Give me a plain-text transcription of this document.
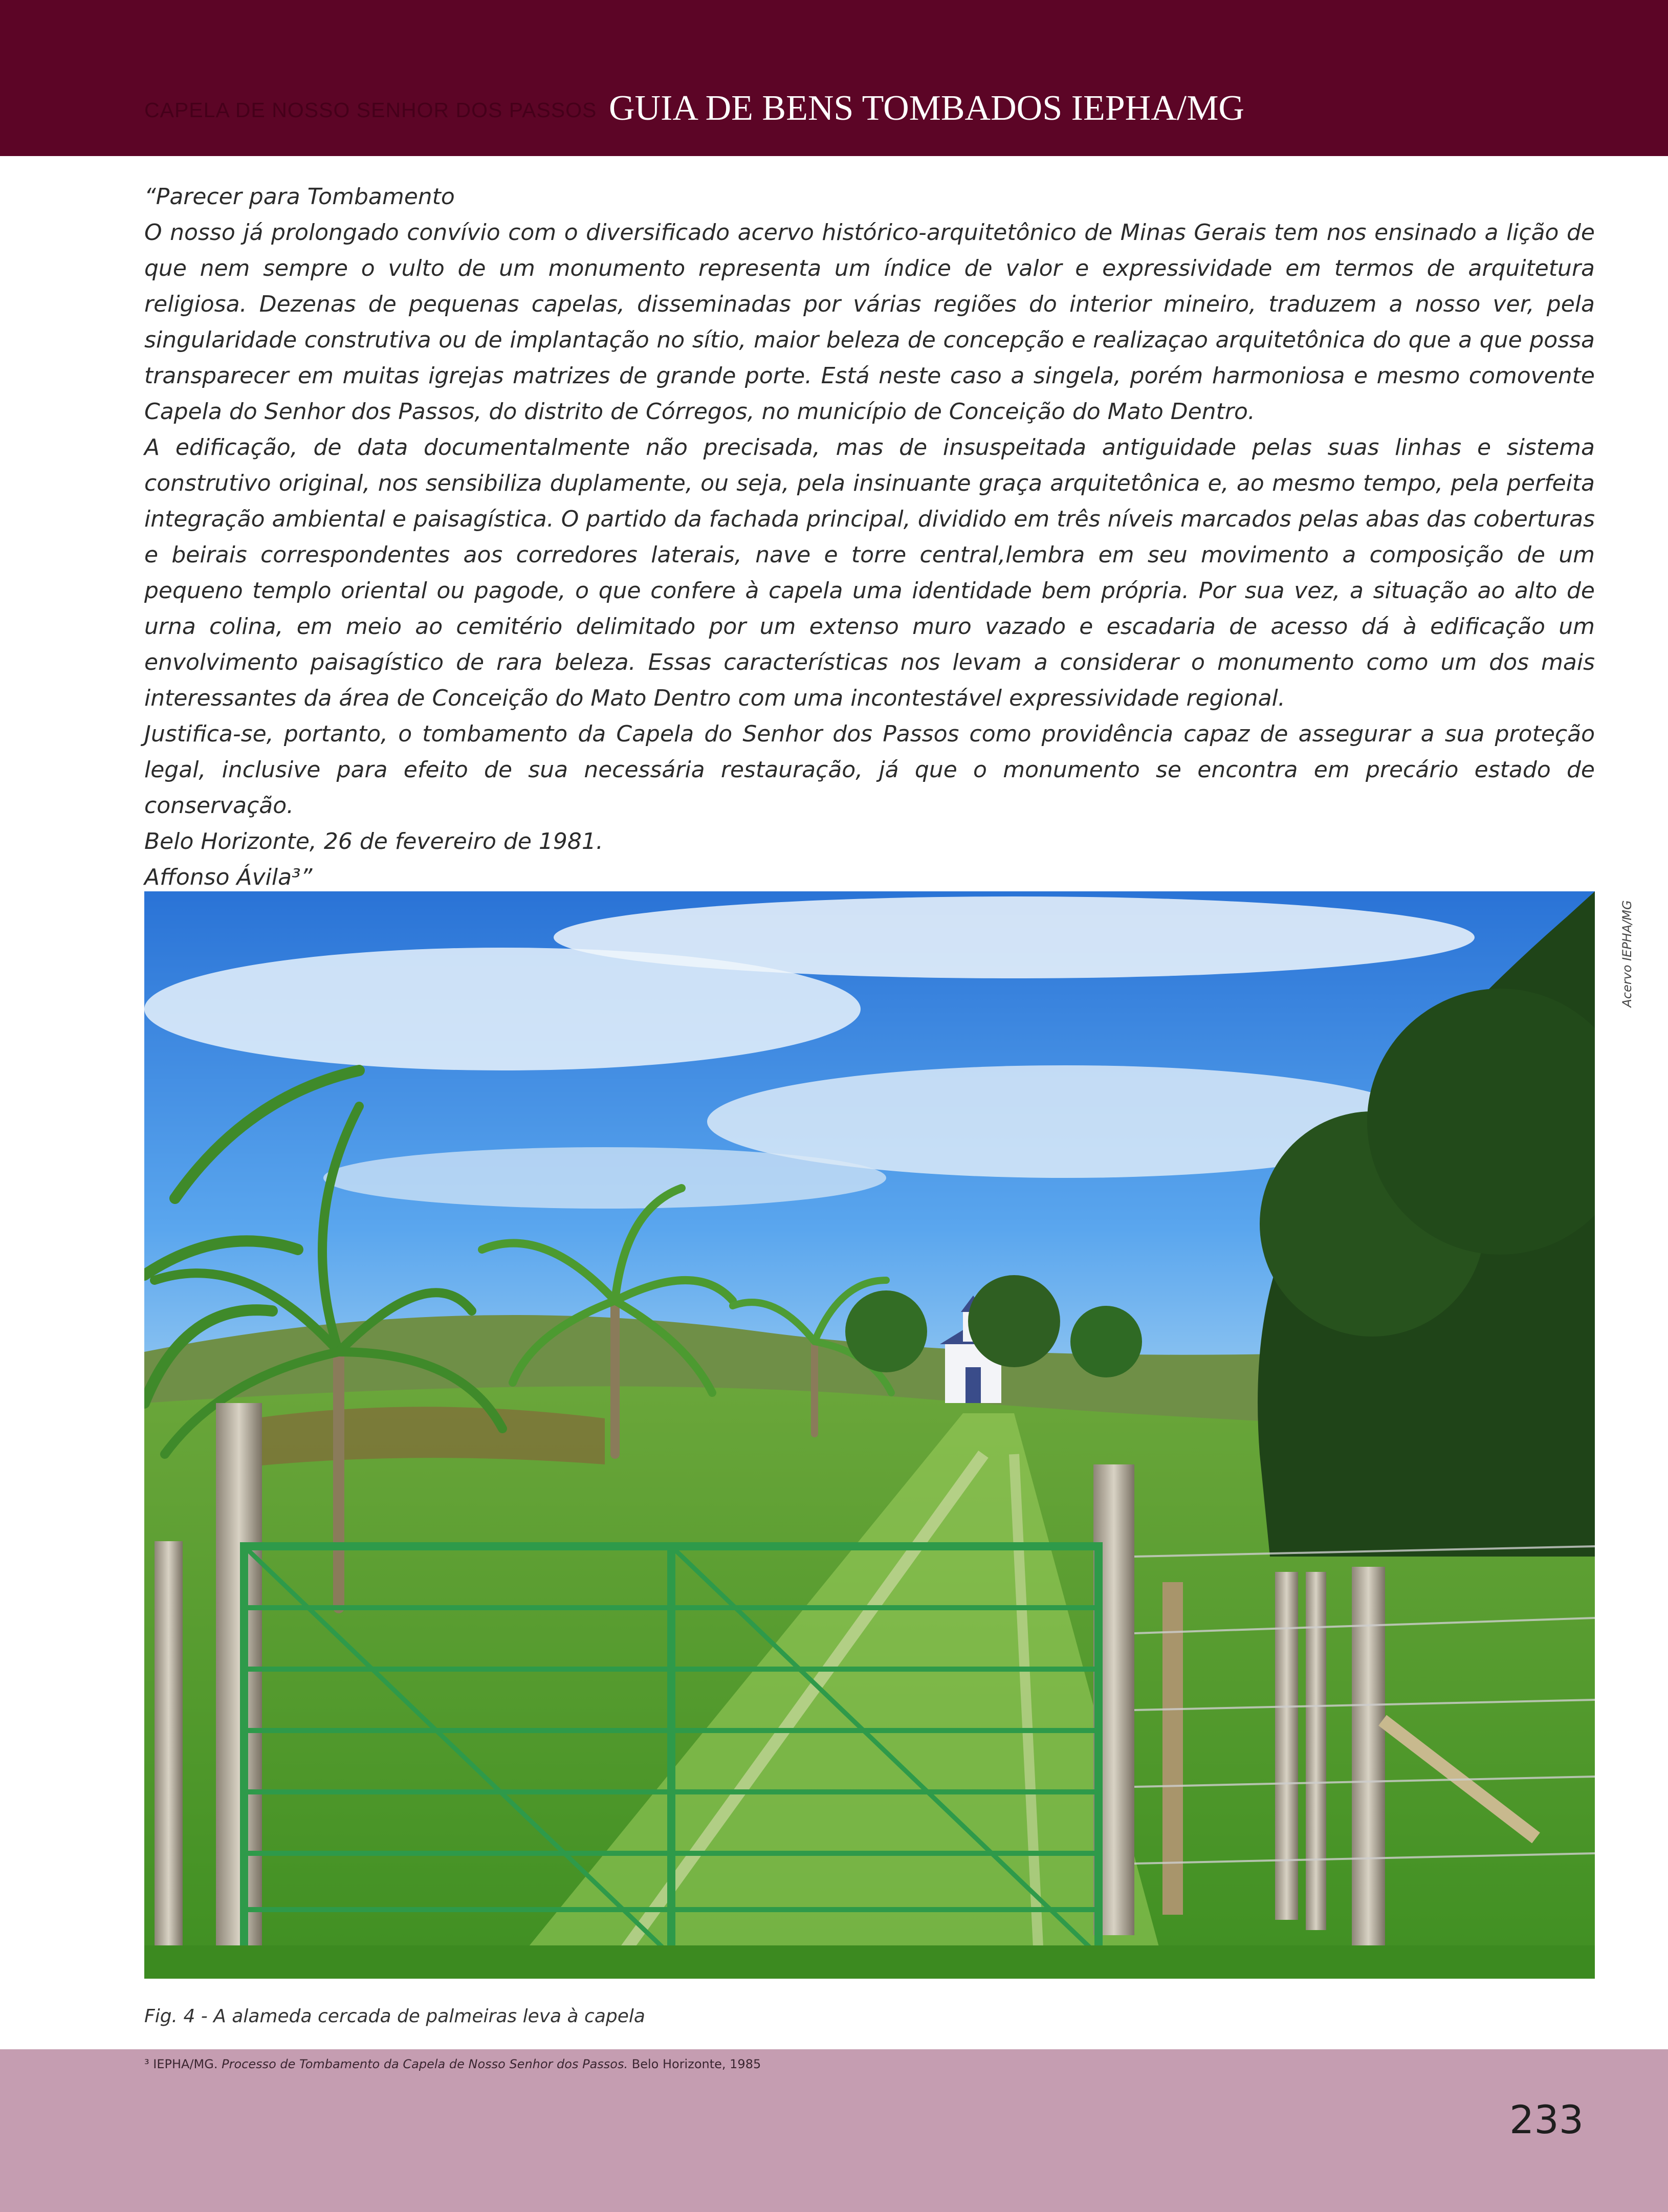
CAPELA DE NOSSO SENHOR DOS PASSOS GUIA DE BENS TOMBADOS IEPHA/MG

“Parecer para Tombamento

O nosso já prolongado convívio com o diversificado acervo histórico-arquitetônico de Minas Gerais tem nos ensinado a lição de que nem sempre o vulto de um monumento representa um índice de valor e expressividade em termos de arquitetura religiosa. Dezenas de pequenas capelas, disseminadas por várias regiões do interior mineiro, traduzem a nosso ver, pela singularidade construtiva ou de implantação no sítio, maior beleza de concepção e realizaçao arquitetônica do que a que possa transparecer em muitas igrejas matrizes de grande porte. Está neste caso a singela, porém harmoniosa e mesmo comovente Capela do Senhor dos Passos, do distrito de Córregos, no município de Conceição do Mato Dentro.

A edificação, de data documentalmente não precisada, mas de insuspeitada antiguidade pelas suas linhas e sistema construtivo original, nos sensibiliza duplamente, ou seja, pela insinuante graça arquitetônica e, ao mesmo tempo, pela perfeita integração ambiental e paisagística. O partido da fachada principal, dividido em três níveis marcados pelas abas das coberturas e beirais correspondentes aos corredores laterais, nave e torre central,lembra em seu movimento a composição de um pequeno templo oriental ou pagode, o que confere à capela uma identidade bem própria. Por sua vez, a situação ao alto de urna colina, em meio ao cemitério delimitado por um extenso muro vazado e escadaria de acesso dá à edificação um envolvimento paisagístico de rara beleza. Essas características nos levam a considerar o monumento como um dos mais interessantes da área de Conceição do Mato Dentro com uma incontestável expressividade regional.

Justifica-se, portanto, o tombamento da Capela do Senhor dos Passos como providência capaz de assegurar a sua proteção legal, inclusive para efeito de sua necessária restauração, já que o monumento se encontra em precário estado de conservação.

Belo Horizonte, 26 de fevereiro de 1981.

Affonso Ávila³”

Acervo IEPHA/MG
Fig. 4 - A alameda cercada de palmeiras leva à capela
³ IEPHA/MG. Processo de Tombamento da Capela de Nosso Senhor dos Passos. Belo Horizonte, 1985
233
